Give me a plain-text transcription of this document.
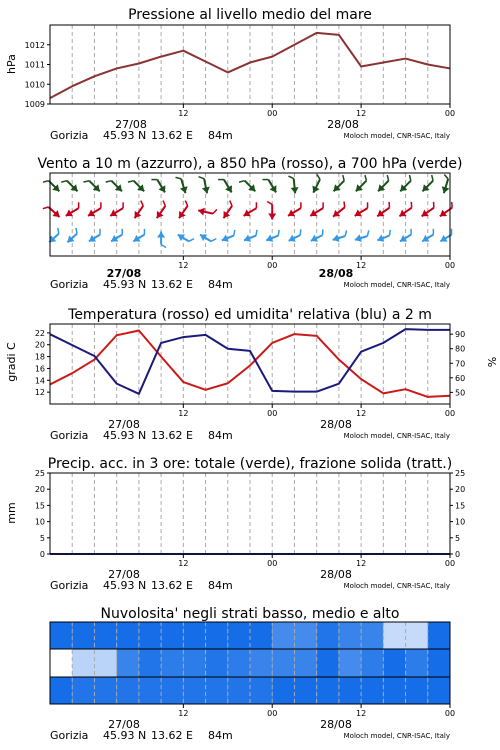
Pressione al livello medio del mare
hPa
1009
1010
1011
1012
12	00	12	00
27/08	28/08
Gorizia 45.93 N 13.62 E 84m	Moloch model, CNR-ISAC, Italy
Vento a 10 m (azzurro), a 850 hPa (rosso), a 700 hPa (verde)
12	00	12	00
27/08	28/08
Gorizia 45.93 N 13.62 E 84m	Moloch model, CNR-ISAC, Italy
Temperatura (rosso) ed umidita' relativa (blu) a 2 m
gradi C	%
12
14
16
18
20
22
50
60
70
80
90
12	00	12	00
27/08	28/08
Gorizia 45.93 N 13.62 E 84m	Moloch model, CNR-ISAC, Italy
Precip. acc. in 3 ore: totale (verde), frazione solida (tratt.)
mm
0
5
10
15
20
25
0
5
10
15
20
25
12	00	12	00
27/08	28/08
Gorizia 45.93 N 13.62 E 84m	Moloch model, CNR-ISAC, Italy
Nuvolosita' negli strati basso, medio e alto
12	00	12	00
27/08	28/08
Gorizia 45.93 N 13.62 E 84m	Moloch model, CNR-ISAC, Italy
